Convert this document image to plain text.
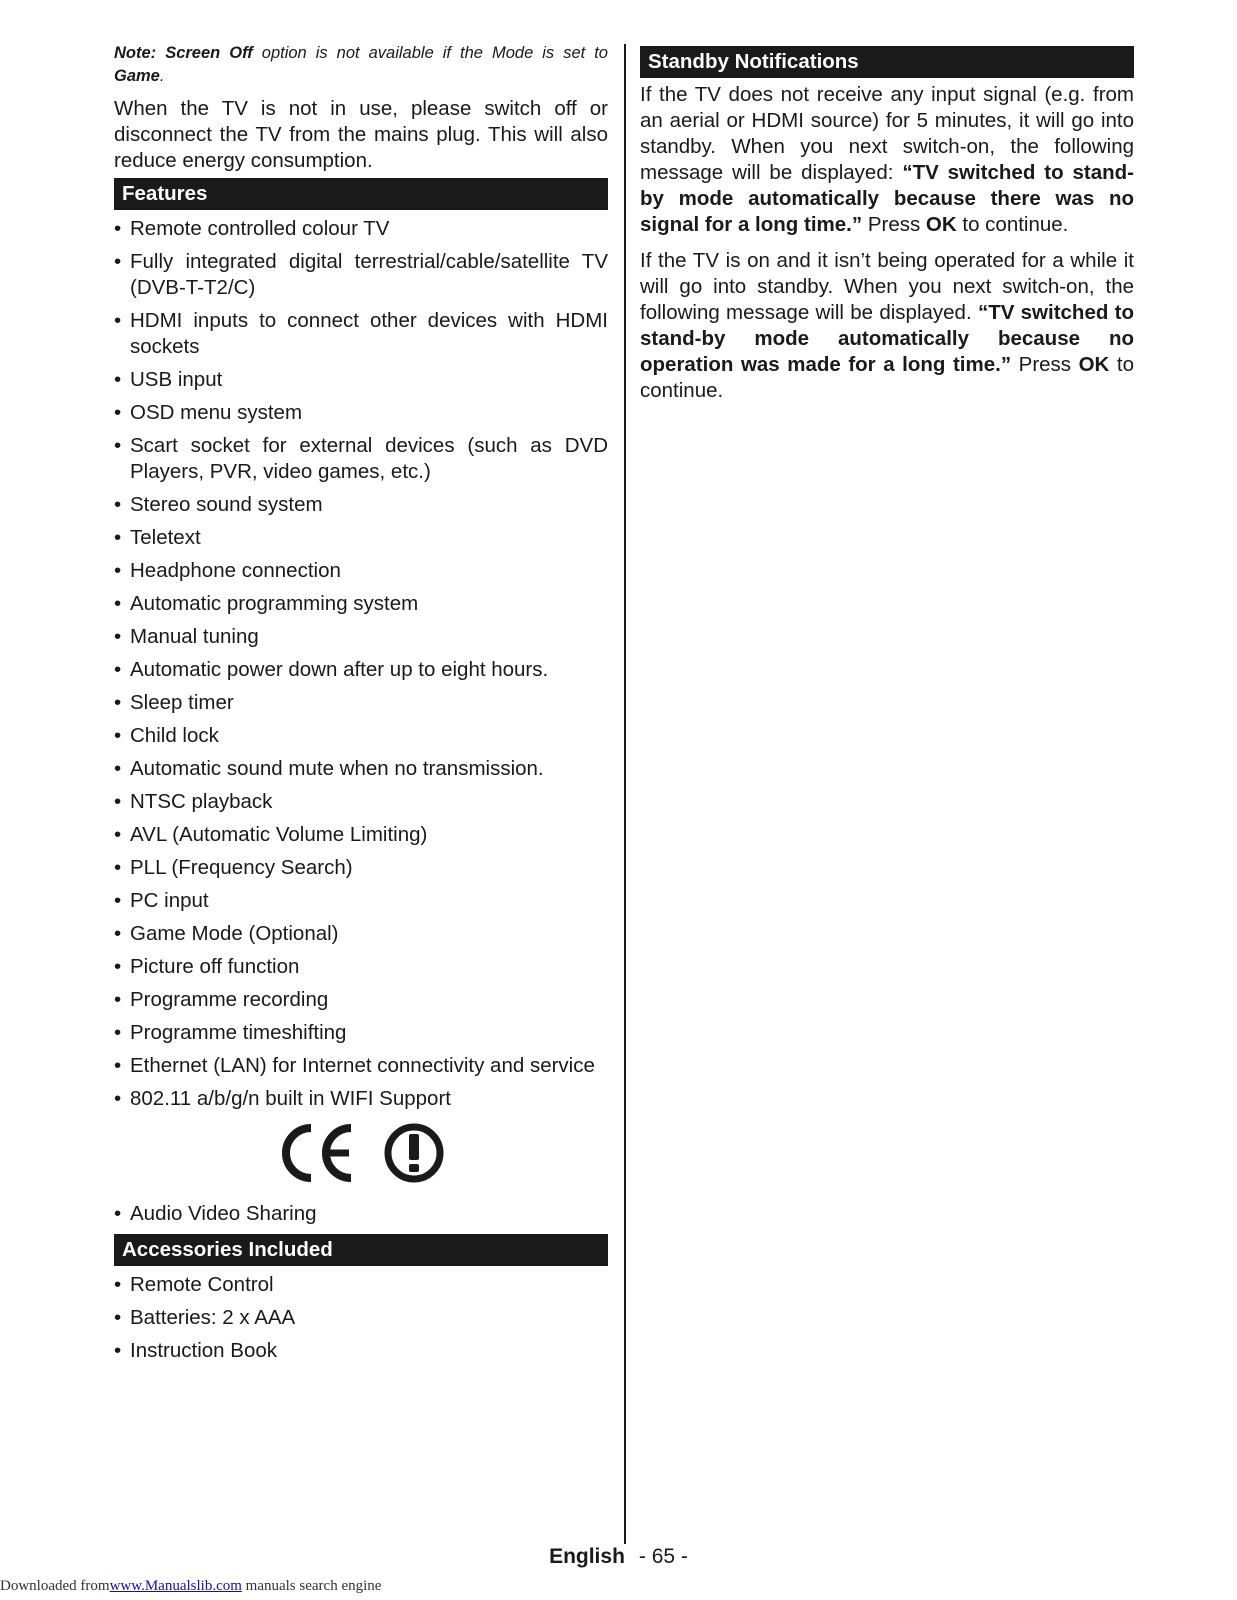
Note: Screen Off option is not available if the Mode is set to Game.

When the TV is not in use, please switch off or disconnect the TV from the mains plug. This will also reduce energy consumption.

Features
• Remote controlled colour TV
• Fully integrated digital terrestrial/cable/satellite TV (DVB-T-T2/C)
• HDMI inputs to connect other devices with HDMI sockets
• USB input
• OSD menu system
• Scart socket for external devices (such as DVD Players, PVR, video games, etc.)
• Stereo sound system
• Teletext
• Headphone connection
• Automatic programming system
• Manual tuning
• Automatic power down after up to eight hours.
• Sleep timer
• Child lock
• Automatic sound mute when no transmission.
• NTSC playback
• AVL (Automatic Volume Limiting)
• PLL (Frequency Search)
• PC input
• Game Mode (Optional)
• Picture off function
• Programme recording
• Programme timeshifting
• Ethernet (LAN) for Internet connectivity and service
• 802.11 a/b/g/n built in WIFI Support
• Audio Video Sharing
Accessories Included
• Remote Control
• Batteries: 2 x AAA
• Instruction Book
Standby Notifications

If the TV does not receive any input signal (e.g. from an aerial or HDMI source) for 5 minutes, it will go into standby. When you next switch-on, the following message will be displayed: “TV switched to stand-by mode automatically because there was no signal for a long time.” Press OK to continue.

If the TV is on and it isn’t being operated for a while it will go into standby. When you next switch-on, the following message will be displayed. “TV switched to stand-by mode automatically because no operation was made for a long time.” Press OK to continue.

English - 65 -
Downloaded fromwww.Manualslib.com manuals search engine
